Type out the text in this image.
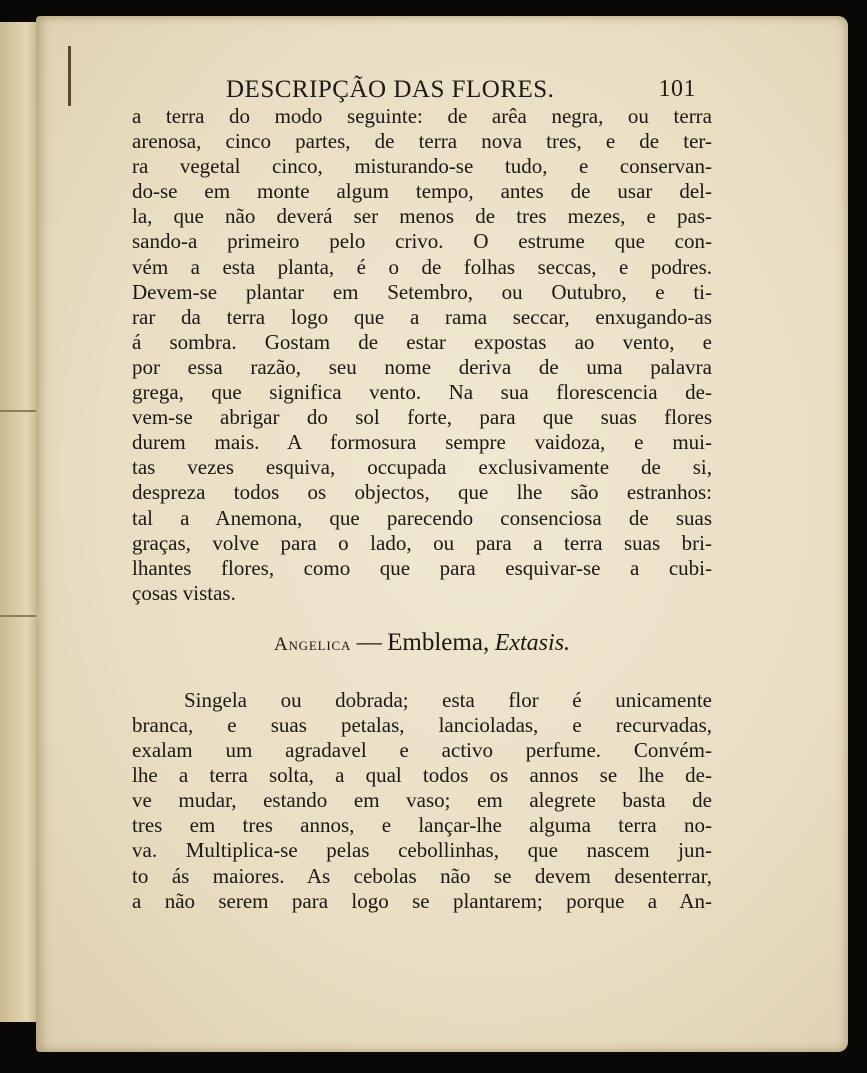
DESCRIPÇÃO DAS FLORES.	101
a terra do modo seguinte: de arêa negra, ou terra
arenosa, cinco partes, de terra nova tres, e de ter-
ra vegetal cinco, misturando-se tudo, e conservan-
do-se em monte algum tempo, antes de usar del-
la, que não deverá ser menos de tres mezes, e pas-
sando-a primeiro pelo crivo. O estrume que con-
vém a esta planta, é o de folhas seccas, e podres.
Devem-se plantar em Setembro, ou Outubro, e ti-
rar da terra logo que a rama seccar, enxugando-as
á sombra. Gostam de estar expostas ao vento, e
por essa razão, seu nome deriva de uma palavra
grega, que significa vento. Na sua florescencia de-
vem-se abrigar do sol forte, para que suas flores
durem mais. A formosura sempre vaidoza, e mui-
tas vezes esquiva, occupada exclusivamente de si,
despreza todos os objectos, que lhe são estranhos:
tal a Anemona, que parecendo consenciosa de suas
graças, volve para o lado, ou para a terra suas bri-
lhantes flores, como que para esquivar-se a cubi-
çosas vistas.
Angelica — Emblema, Extasis.
Singela ou dobrada; esta flor é unicamente
branca, e suas petalas, lancioladas, e recurvadas,
exalam um agradavel e activo perfume. Convém-
lhe a terra solta, a qual todos os annos se lhe de-
ve mudar, estando em vaso; em alegrete basta de
tres em tres annos, e lançar-lhe alguma terra no-
va. Multiplica-se pelas cebollinhas, que nascem jun-
to ás maiores. As cebolas não se devem desenterrar,
a não serem para logo se plantarem; porque a An-
